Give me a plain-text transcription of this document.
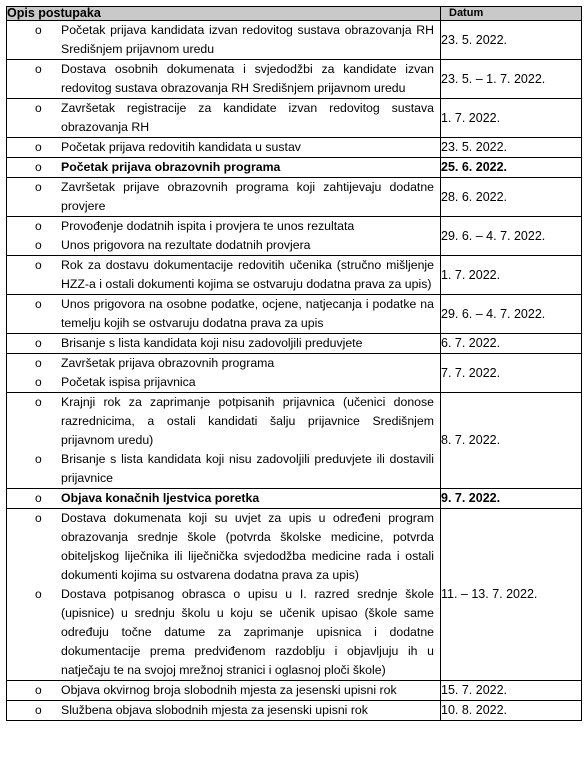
Opis postupaka	Datum

o Početak prijava kandidata izvan redovitog sustava obrazovanja RH Središnjem prijavnom uredu	23. 5. 2022.

o Dostava osobnih dokumenata i svjedodžbi za kandidate izvan redovitog sustava obrazovanja RH Središnjem prijavnom uredu	23. 5. – 1. 7. 2022.

o Završetak registracije za kandidate izvan redovitog sustava obrazovanja RH	1. 7. 2022.

o Početak prijava redovitih kandidata u sustav	23. 5. 2022.

o Početak prijava obrazovnih programa	25. 6. 2022.

o Završetak prijave obrazovnih programa koji zahtijevaju dodatne provjere	28. 6. 2022.

o Provođenje dodatnih ispita i provjera te unos rezultata
o Unos prigovora na rezultate dodatnih provjera	29. 6. – 4. 7. 2022.

o Rok za dostavu dokumentacije redovitih učenika (stručno mišljenje HZZ-a i ostali dokumenti kojima se ostvaruju dodatna prava za upis)	1. 7. 2022.

o Unos prigovora na osobne podatke, ocjene, natjecanja i podatke na temelju kojih se ostvaruju dodatna prava za upis	29. 6. – 4. 7. 2022.

o Brisanje s lista kandidata koji nisu zadovoljili preduvjete	6. 7. 2022.

o Završetak prijava obrazovnih programa
o Početak ispisa prijavnica	7. 7. 2022.

o Krajnji rok za zaprimanje potpisanih prijavnica (učenici donose razrednicima, a ostali kandidati šalju prijavnice Središnjem prijavnom uredu)
o Brisanje s lista kandidata koji nisu zadovoljili preduvjete ili dostavili prijavnice	8. 7. 2022.

o Objava konačnih ljestvica poretka	9. 7. 2022.

o Dostava dokumenata koji su uvjet za upis u određeni program obrazovanja srednje škole (potvrda školske medicine, potvrda obiteljskog liječnika ili liječnička svjedodžba medicine rada i ostali dokumenti kojima su ostvarena dodatna prava za upis)
o Dostava potpisanog obrasca o upisu u I. razred srednje škole (upisnice) u srednju školu u koju se učenik upisao (škole same određuju točne datume za zaprimanje upisnica i dodatne dokumentacije prema predviđenom razdoblju i objavljuju ih u natječaju te na svojoj mrežnoj stranici i oglasnoj ploči škole)	11. – 13. 7. 2022.

o Objava okvirnog broja slobodnih mjesta za jesenski upisni rok	15. 7. 2022.

o Službena objava slobodnih mjesta za jesenski upisni rok	10. 8. 2022.
